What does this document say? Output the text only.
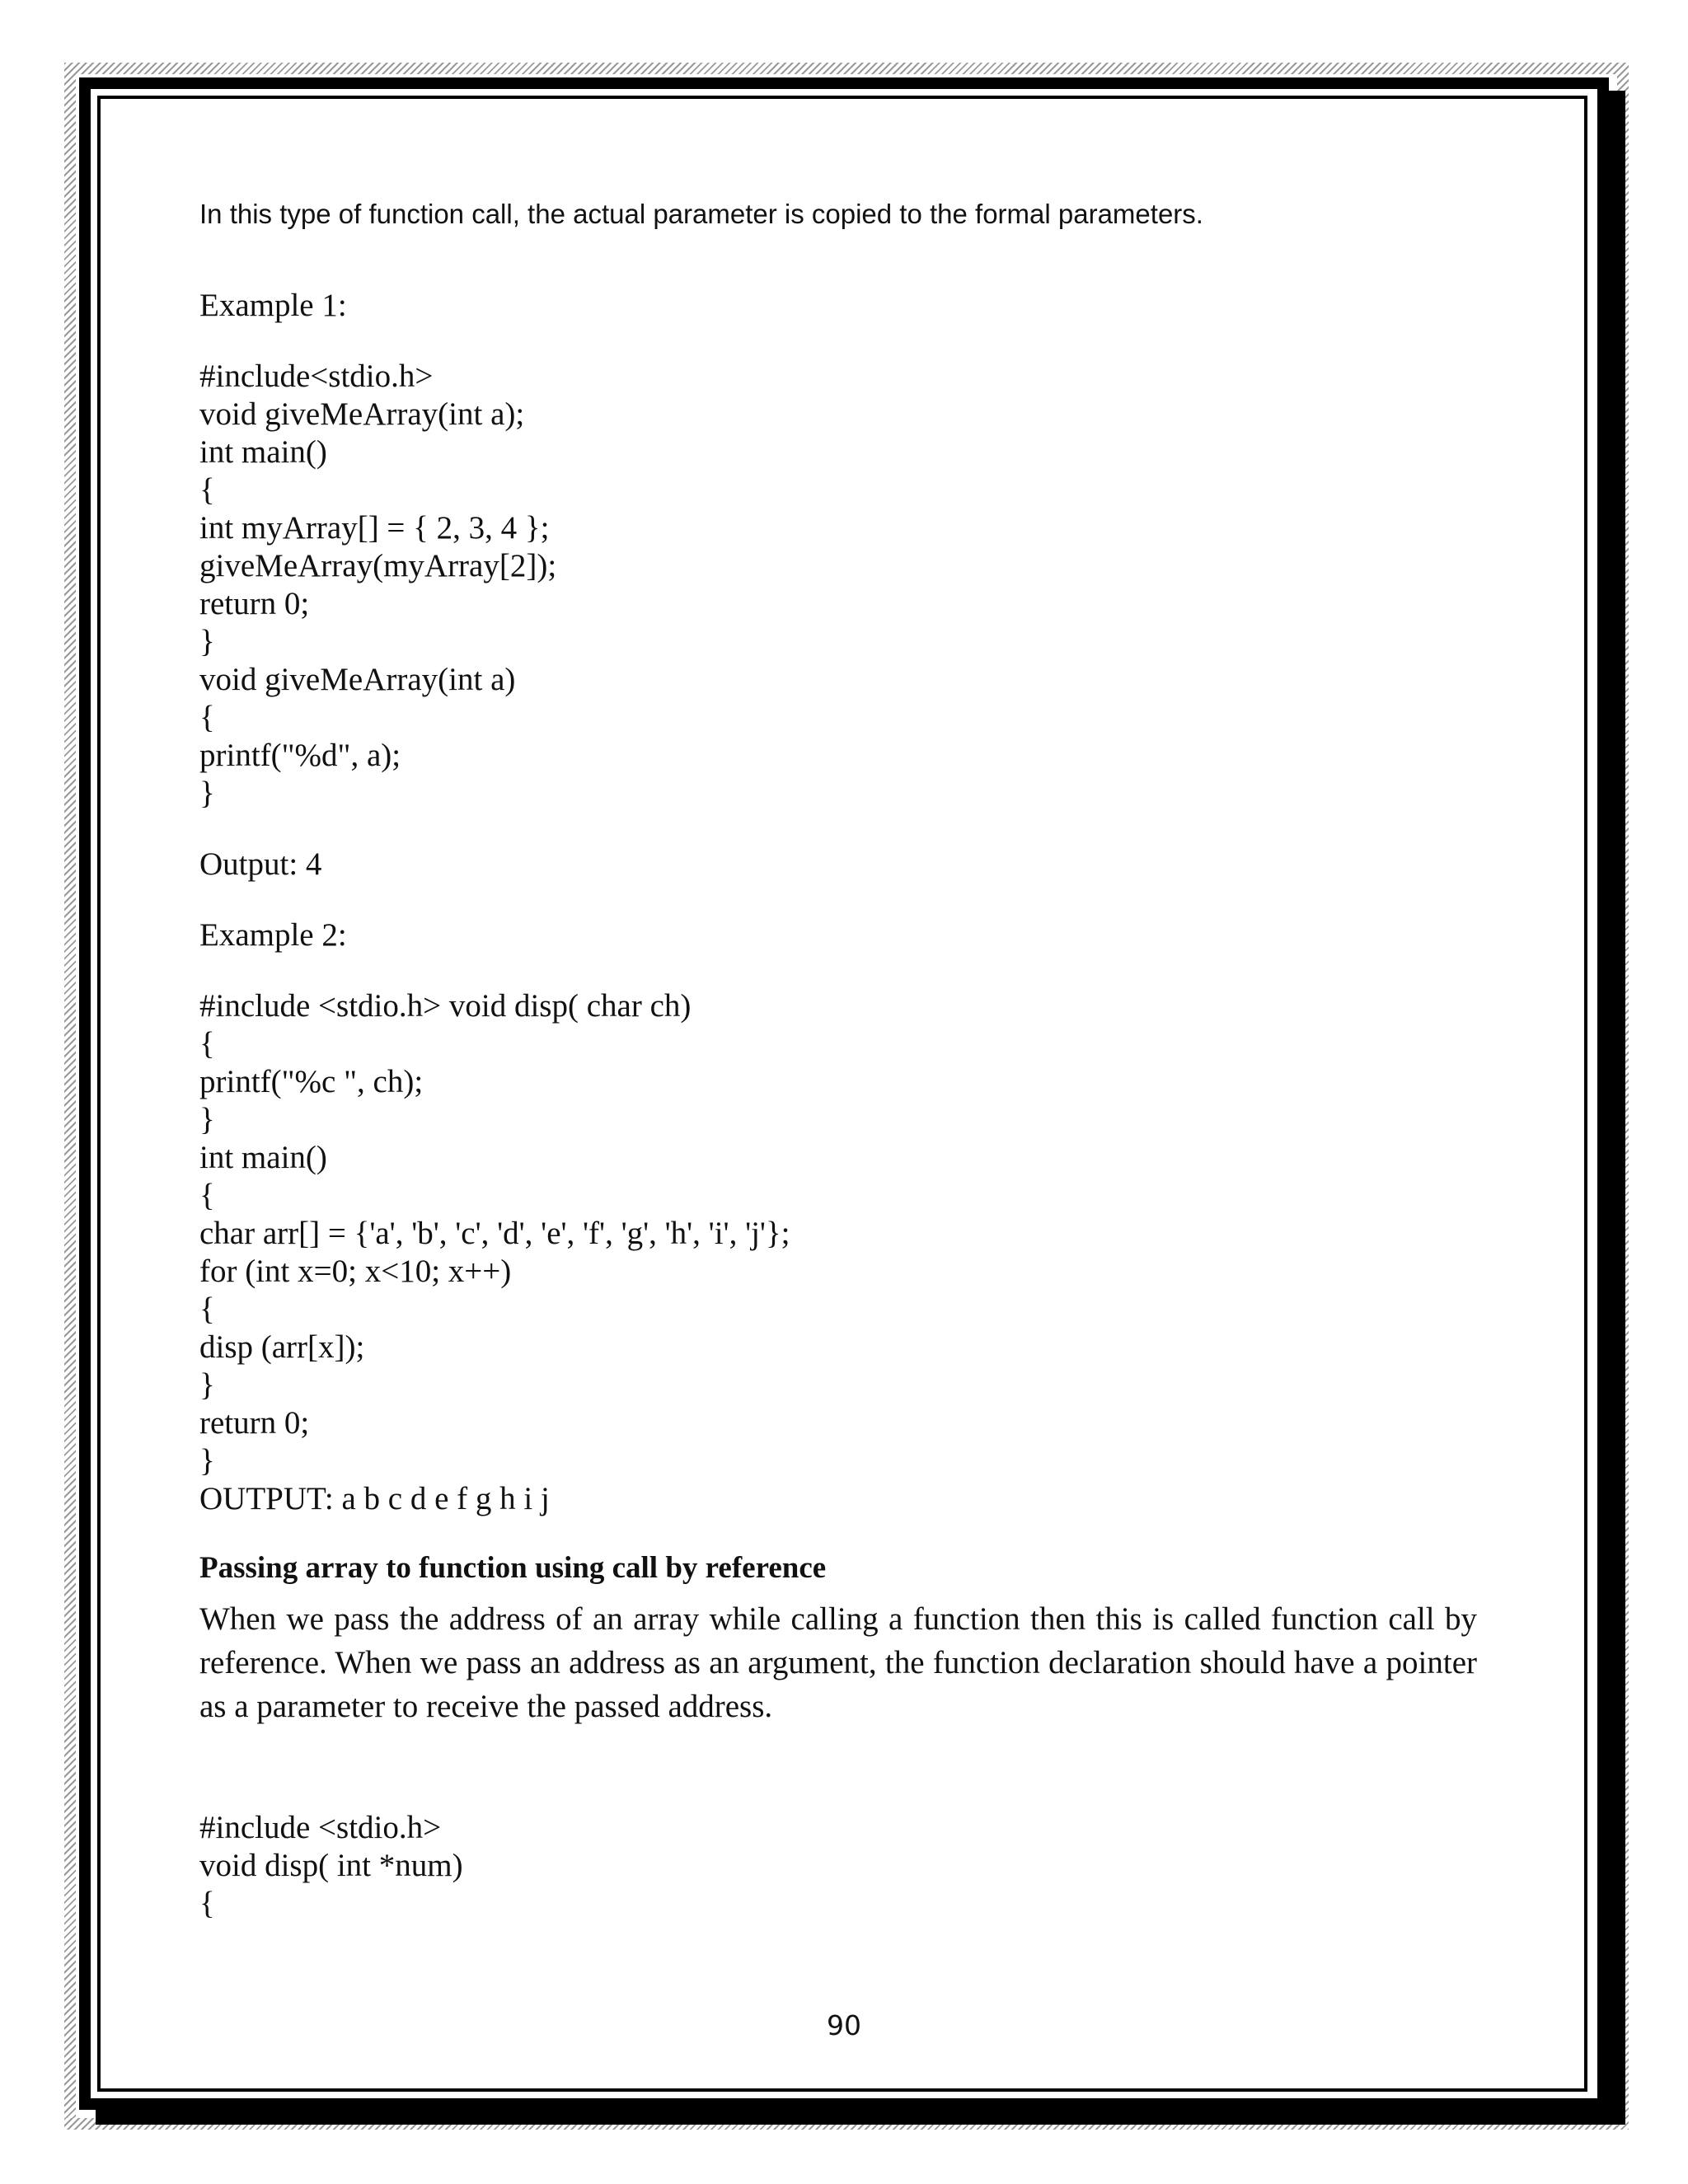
In this type of function call, the actual parameter is copied to the formal parameters.

Example 1:

#include<stdio.h>

void giveMeArray(int a);

int main()

{

int myArray[] = { 2, 3, 4 };

giveMeArray(myArray[2]);

return 0;

}

void giveMeArray(int a)

{

printf("%d", a);

}

Output: 4

Example 2:

#include <stdio.h> void disp( char ch)

{

printf("%c ", ch);

}

int main()

{

char arr[] = {'a', 'b', 'c', 'd', 'e', 'f', 'g', 'h', 'i', 'j'};

for (int x=0; x<10; x++)

{

disp (arr[x]);

}

return 0;

}

OUTPUT: a b c d e f g h i j

Passing array to function using call by reference

When we pass the address of an array while calling a function then this is called function call by reference. When we pass an address as an argument, the function declaration should have a pointer as a parameter to receive the passed address.

#include <stdio.h>

void disp( int *num)

{

90
